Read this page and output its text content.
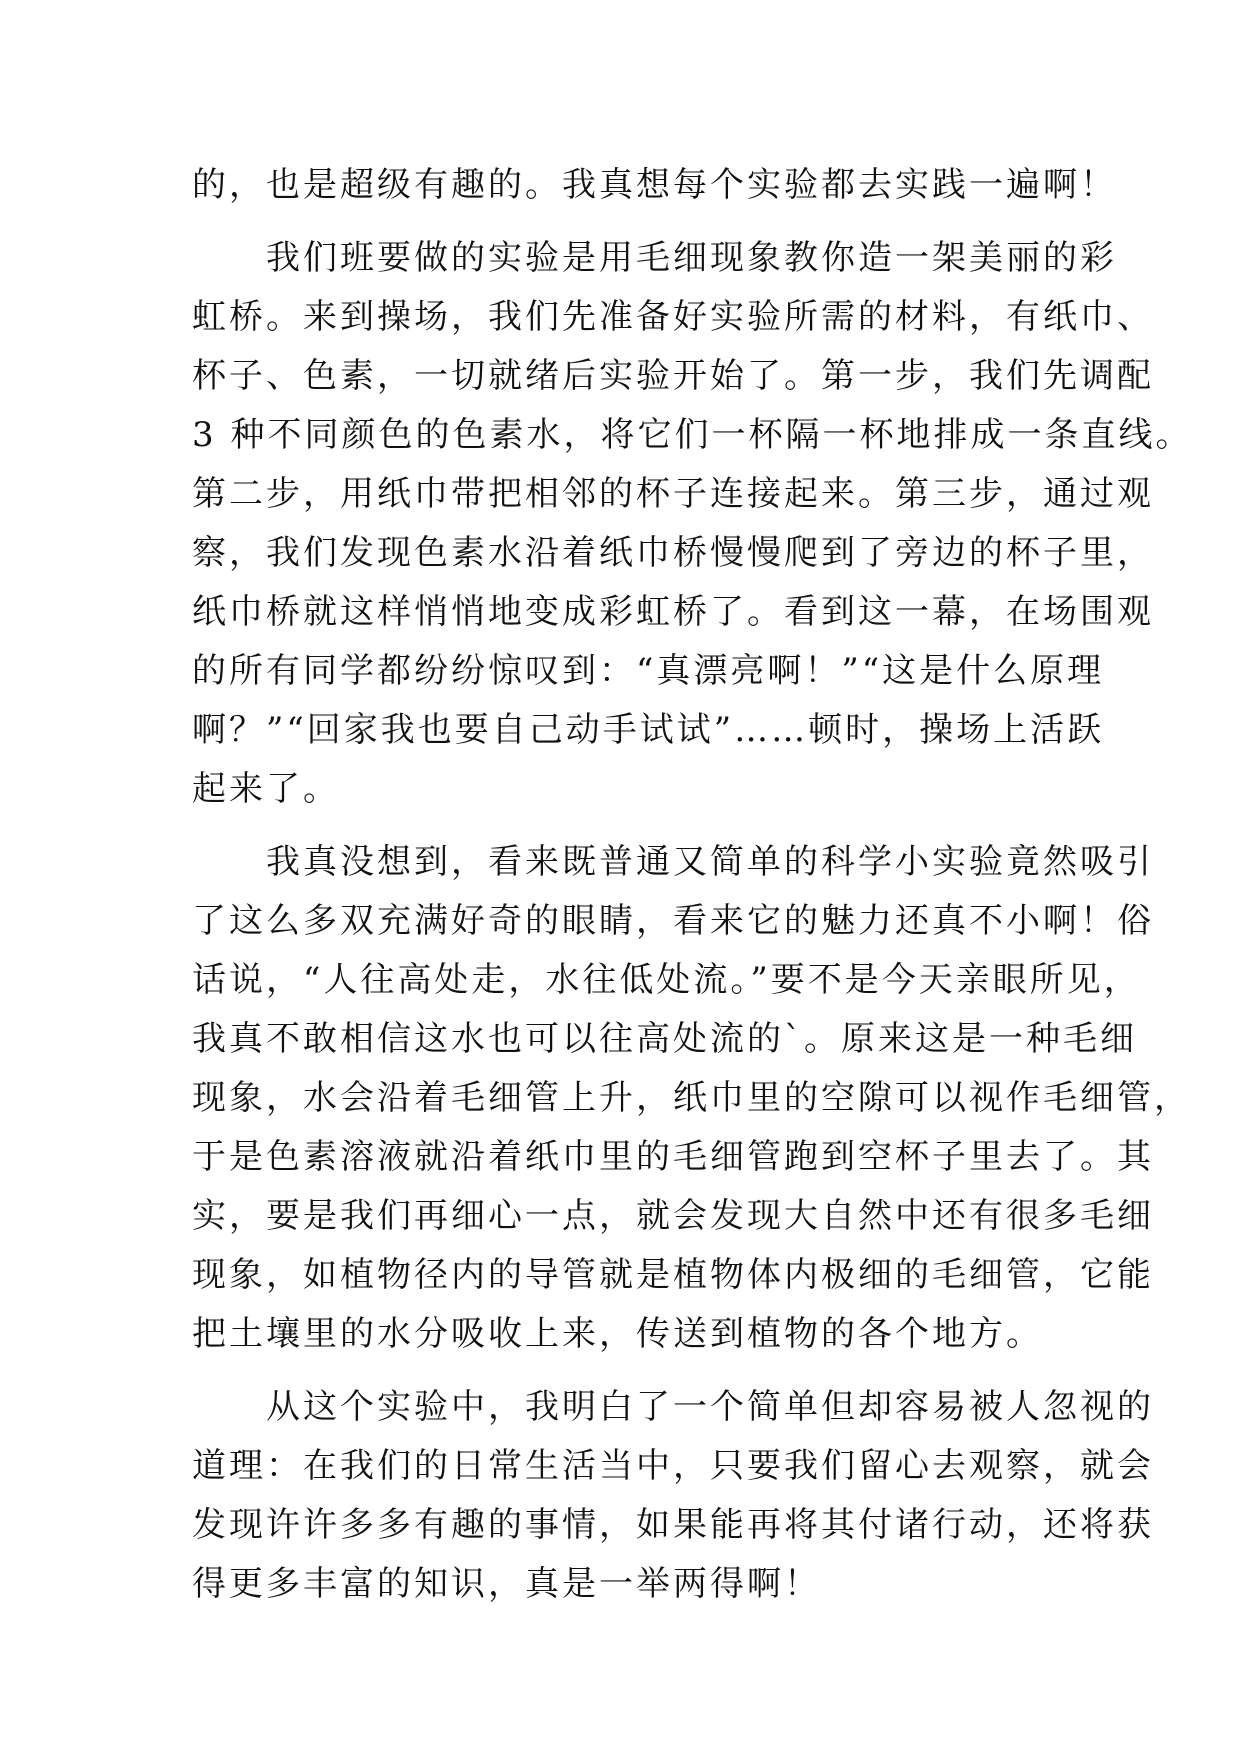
的，也是超级有趣的。我真想每个实验都去实践一遍啊！
　　我们班要做的实验是用毛细现象教你造一架美丽的彩
虹桥。来到操场，我们先准备好实验所需的材料，有纸巾、
杯子、色素，一切就绪后实验开始了。第一步，我们先调配
3 种不同颜色的色素水，将它们一杯隔一杯地排成一条直线。
第二步，用纸巾带把相邻的杯子连接起来。第三步，通过观
察，我们发现色素水沿着纸巾桥慢慢爬到了旁边的杯子里，
纸巾桥就这样悄悄地变成彩虹桥了。看到这一幕，在场围观
的所有同学都纷纷惊叹到：“真漂亮啊！”“这是什么原理
啊？”“回家我也要自己动手试试”……顿时，操场上活跃
起来了。
　　我真没想到，看来既普通又简单的科学小实验竟然吸引
了这么多双充满好奇的眼睛，看来它的魅力还真不小啊！俗
话说，“人往高处走，水往低处流。”要不是今天亲眼所见，
我真不敢相信这水也可以往高处流的`。原来这是一种毛细
现象，水会沿着毛细管上升，纸巾里的空隙可以视作毛细管，
于是色素溶液就沿着纸巾里的毛细管跑到空杯子里去了。其
实，要是我们再细心一点，就会发现大自然中还有很多毛细
现象，如植物径内的导管就是植物体内极细的毛细管，它能
把土壤里的水分吸收上来，传送到植物的各个地方。
　　从这个实验中，我明白了一个简单但却容易被人忽视的
道理：在我们的日常生活当中，只要我们留心去观察，就会
发现许许多多有趣的事情，如果能再将其付诸行动，还将获
得更多丰富的知识，真是一举两得啊！
